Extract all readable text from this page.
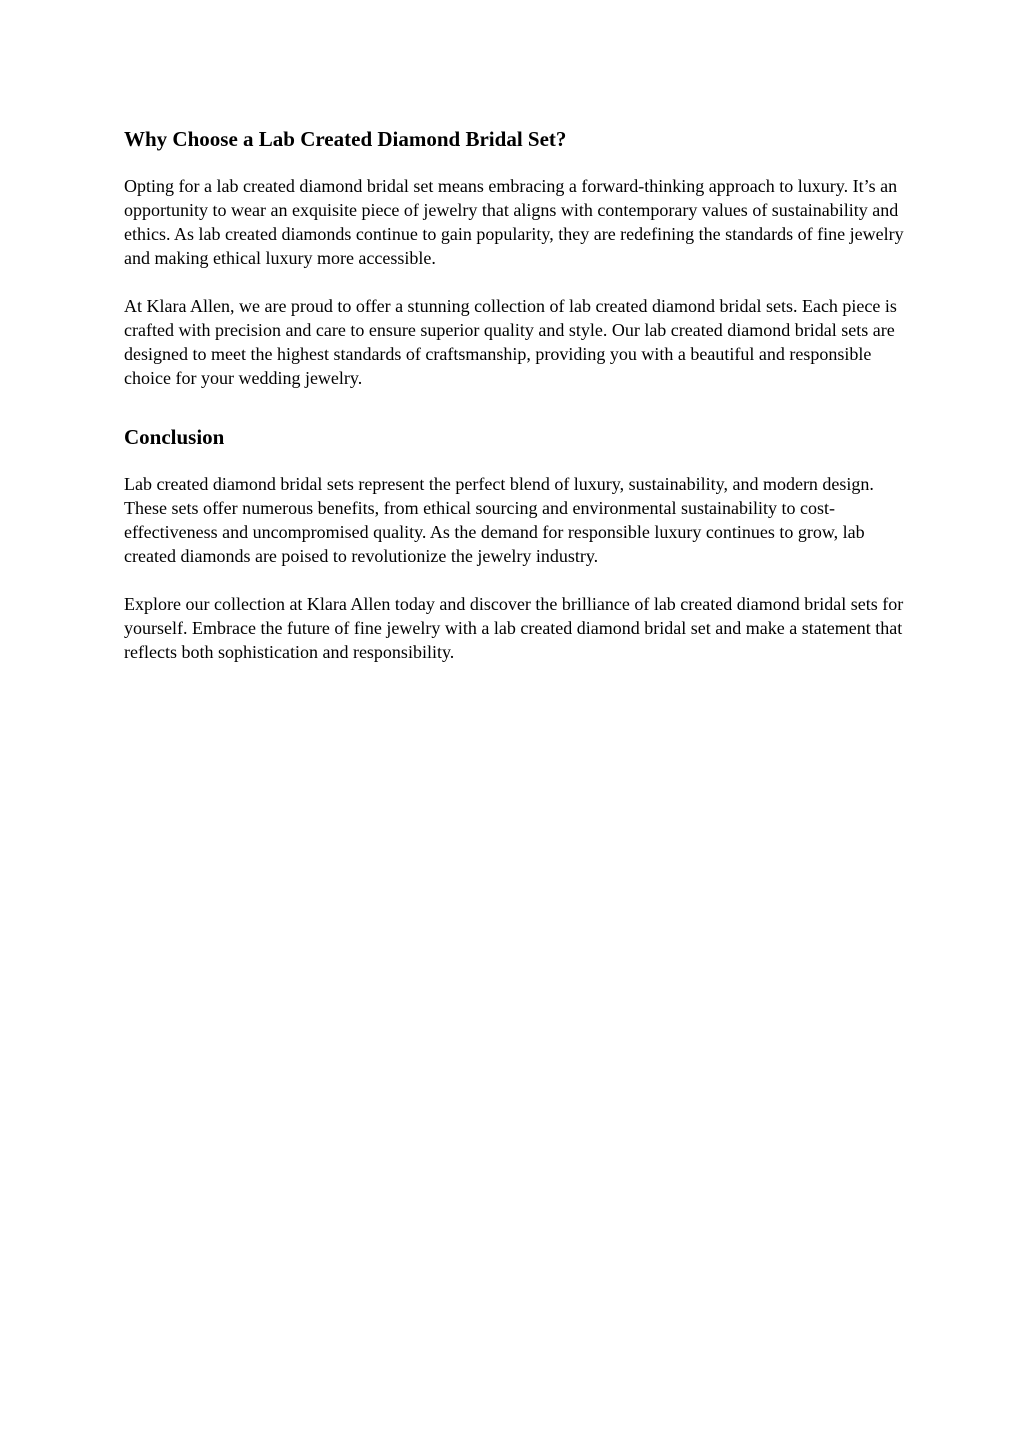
Why Choose a Lab Created Diamond Bridal Set?

Opting for a lab created diamond bridal set means embracing a forward-thinking approach to luxury. It’s an opportunity to wear an exquisite piece of jewelry that aligns with contemporary values of sustainability and ethics. As lab created diamonds continue to gain popularity, they are redefining the standards of fine jewelry and making ethical luxury more accessible.

At Klara Allen, we are proud to offer a stunning collection of lab created diamond bridal sets. Each piece is crafted with precision and care to ensure superior quality and style. Our lab created diamond bridal sets are designed to meet the highest standards of craftsmanship, providing you with a beautiful and responsible choice for your wedding jewelry.

Conclusion

Lab created diamond bridal sets represent the perfect blend of luxury, sustainability, and modern design. These sets offer numerous benefits, from ethical sourcing and environmental sustainability to cost-effectiveness and uncompromised quality. As the demand for responsible luxury continues to grow, lab created diamonds are poised to revolutionize the jewelry industry.

Explore our collection at Klara Allen today and discover the brilliance of lab created diamond bridal sets for yourself. Embrace the future of fine jewelry with a lab created diamond bridal set and make a statement that reflects both sophistication and responsibility.
